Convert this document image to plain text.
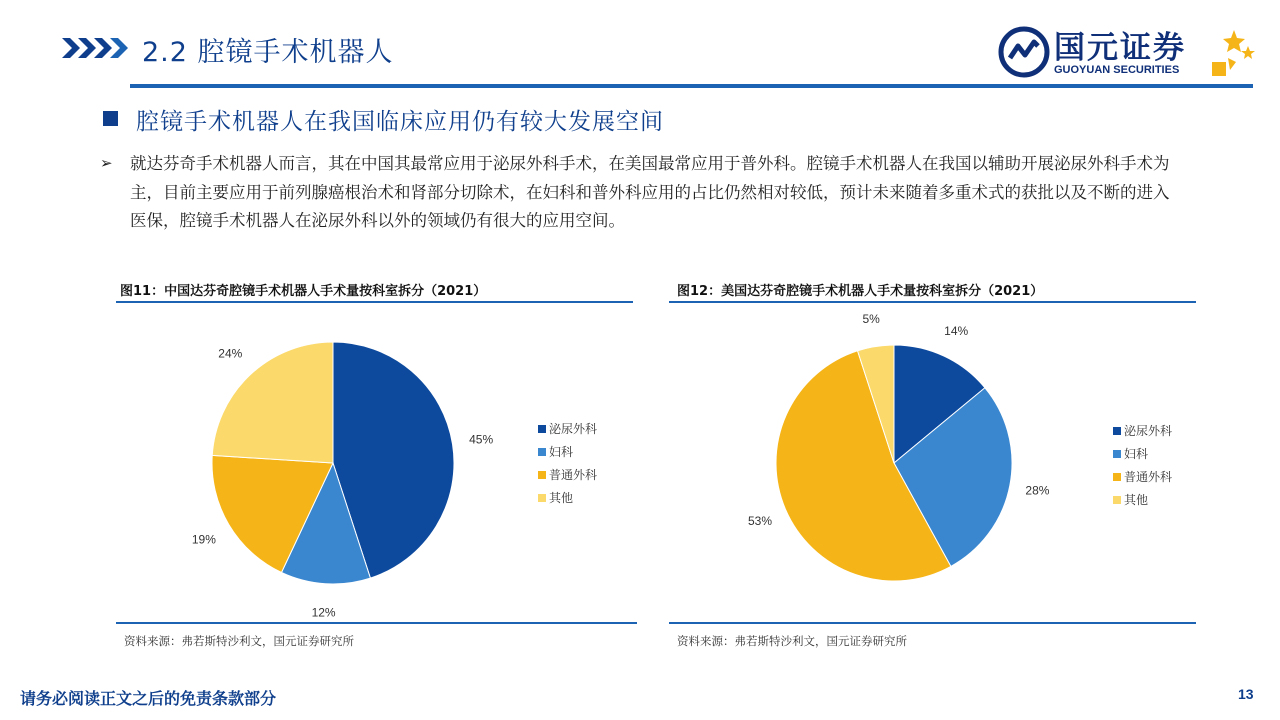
2.2 腔镜手术机器人	国元证券
GUOYUAN SECURITIES
腔镜手术机器人在我国临床应用仍有较大发展空间
➢ 就达芬奇手术机器人而言，其在中国其最常应用于泌尿外科手术，在美国最常应用于普外科。腔镜手术机器人在我国以辅助开展泌尿外科手术为主，目前主要应用于前列腺癌根治术和肾部分切除术，在妇科和普外科应用的占比仍然相对较低，预计未来随着多重术式的获批以及不断的进入医保，腔镜手术机器人在泌尿外科以外的领域仍有很大的应用空间。
图11：中国达芬奇腔镜手术机器人手术量按科室拆分（2021）
45%
12%
19%
24%
泌尿外科
妇科
普通外科
其他
资料来源：弗若斯特沙利文，国元证券研究所
图12：美国达芬奇腔镜手术机器人手术量按科室拆分（2021）
14%
28%
53%
5%
泌尿外科
妇科
普通外科
其他
资料来源：弗若斯特沙利文，国元证券研究所
请务必阅读正文之后的免责条款部分	13
